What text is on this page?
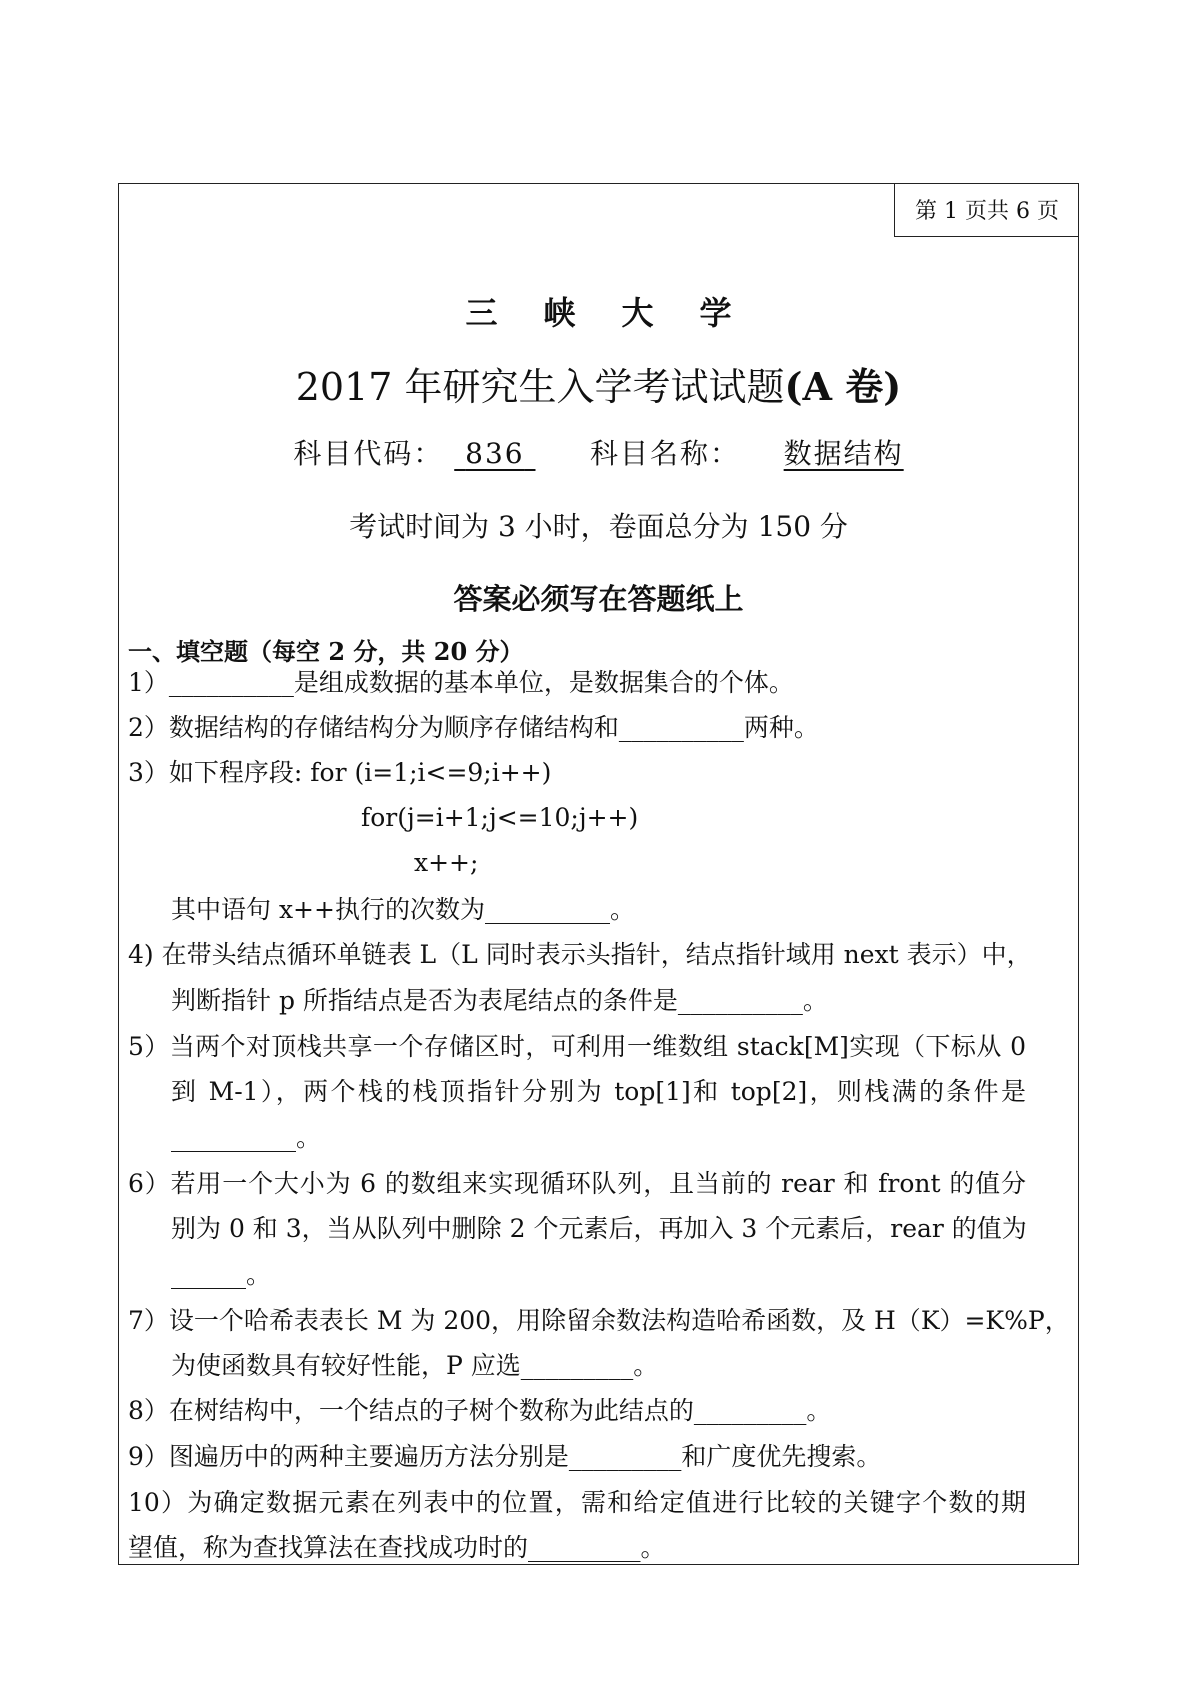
第 1 页共 6 页
三峡大学
2017 年研究生入学考试试题(A 卷)
科目代码： 836 科目名称： 数据结构
考试时间为 3 小时，卷面总分为 150 分
答案必须写在答题纸上
一、填空题（每空 2 分，共 20 分）
1）__________是组成数据的基本单位，是数据集合的个体。
2）数据结构的存储结构分为顺序存储结构和__________两种。
3）如下程序段: for (i=1;i<=9;i++)
for(j=i+1;j<=10;j++)
x++;
其中语句 x++执行的次数为__________。
4) 在带头结点循环单链表 L（L 同时表示头指针，结点指针域用 next 表示）中，
判断指针 p 所指结点是否为表尾结点的条件是__________。
5）当两个对顶栈共享一个存储区时，可利用一维数组 stack[M]实现（下标从 0
到 M-1），两个栈的栈顶指针分别为 top[1]和 top[2]，则栈满的条件是
__________。
6）若用一个大小为 6 的数组来实现循环队列，且当前的 rear 和 front 的值分
别为 0 和 3，当从队列中删除 2 个元素后，再加入 3 个元素后，rear 的值为
______。
7）设一个哈希表表长 M 为 200，用除留余数法构造哈希函数，及 H（K）=K%P，
为使函数具有较好性能，P 应选_________。
8）在树结构中，一个结点的子树个数称为此结点的_________。
9）图遍历中的两种主要遍历方法分别是_________和广度优先搜索。
10）为确定数据元素在列表中的位置，需和给定值进行比较的关键字个数的期
望值，称为查找算法在查找成功时的_________。
